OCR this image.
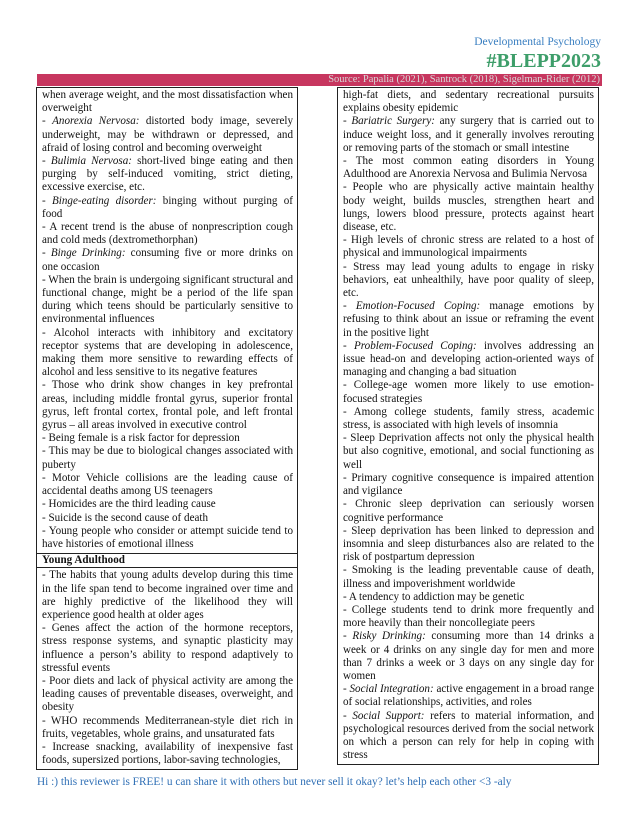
Developmental Psychology
#BLEPP2023
Source: Papalia (2021), Santrock (2018), Sigelman-Rider (2012)
when average weight, and the most dissatisfaction when overweight
- Anorexia Nervosa: distorted body image, severely underweight, may be withdrawn or depressed, and afraid of losing control and becoming overweight
- Bulimia Nervosa: short-lived binge eating and then purging by self-induced vomiting, strict dieting, excessive exercise, etc.
- Binge-eating disorder: binging without purging of food
- A recent trend is the abuse of nonprescription cough and cold meds (dextromethorphan)
- Binge Drinking: consuming five or more drinks on one occasion
- When the brain is undergoing significant structural and functional change, might be a period of the life span during which teens should be particularly sensitive to environmental influences
- Alcohol interacts with inhibitory and excitatory receptor systems that are developing in adolescence, making them more sensitive to rewarding effects of alcohol and less sensitive to its negative features
- Those who drink show changes in key prefrontal areas, including middle frontal gyrus, superior frontal gyrus, left frontal cortex, frontal pole, and left frontal gyrus – all areas involved in executive control
- Being female is a risk factor for depression
- This may be due to biological changes associated with puberty
- Motor Vehicle collisions are the leading cause of accidental deaths among US teenagers
- Homicides are the third leading cause
- Suicide is the second cause of death
- Young people who consider or attempt suicide tend to have histories of emotional illness
Young Adulthood
- The habits that young adults develop during this time in the life span tend to become ingrained over time and are highly predictive of the likelihood they will experience good health at older ages
- Genes affect the action of the hormone receptors, stress response systems, and synaptic plasticity may influence a person’s ability to respond adaptively to stressful events
- Poor diets and lack of physical activity are among the leading causes of preventable diseases, overweight, and obesity
- WHO recommends Mediterranean-style diet rich in fruits, vegetables, whole grains, and unsaturated fats
- Increase snacking, availability of inexpensive fast foods, supersized portions, labor-saving technologies,
high-fat diets, and sedentary recreational pursuits explains obesity epidemic
- Bariatric Surgery: any surgery that is carried out to induce weight loss, and it generally involves rerouting or removing parts of the stomach or small intestine
- The most common eating disorders in Young Adulthood are Anorexia Nervosa and Bulimia Nervosa
- People who are physically active maintain healthy body weight, builds muscles, strengthen heart and lungs, lowers blood pressure, protects against heart disease, etc.
- High levels of chronic stress are related to a host of physical and immunological impairments
- Stress may lead young adults to engage in risky behaviors, eat unhealthily, have poor quality of sleep, etc.
- Emotion-Focused Coping: manage emotions by refusing to think about an issue or reframing the event in the positive light
- Problem-Focused Coping: involves addressing an issue head-on and developing action-oriented ways of managing and changing a bad situation
- College-age women more likely to use emotion-focused strategies
- Among college students, family stress, academic stress, is associated with high levels of insomnia
- Sleep Deprivation affects not only the physical health but also cognitive, emotional, and social functioning as well
- Primary cognitive consequence is impaired attention and vigilance
- Chronic sleep deprivation can seriously worsen cognitive performance
- Sleep deprivation has been linked to depression and insomnia and sleep disturbances also are related to the risk of postpartum depression
- Smoking is the leading preventable cause of death, illness and impoverishment worldwide
- A tendency to addiction may be genetic
- College students tend to drink more frequently and more heavily than their noncollegiate peers
- Risky Drinking: consuming more than 14 drinks a week or 4 drinks on any single day for men and more than 7 drinks a week or 3 days on any single day for women
- Social Integration: active engagement in a broad range of social relationships, activities, and roles
- Social Support: refers to material information, and psychological resources derived from the social network on which a person can rely for help in coping with stress
Hi :) this reviewer is FREE! u can share it with others but never sell it okay? let’s help each other <3 -aly
